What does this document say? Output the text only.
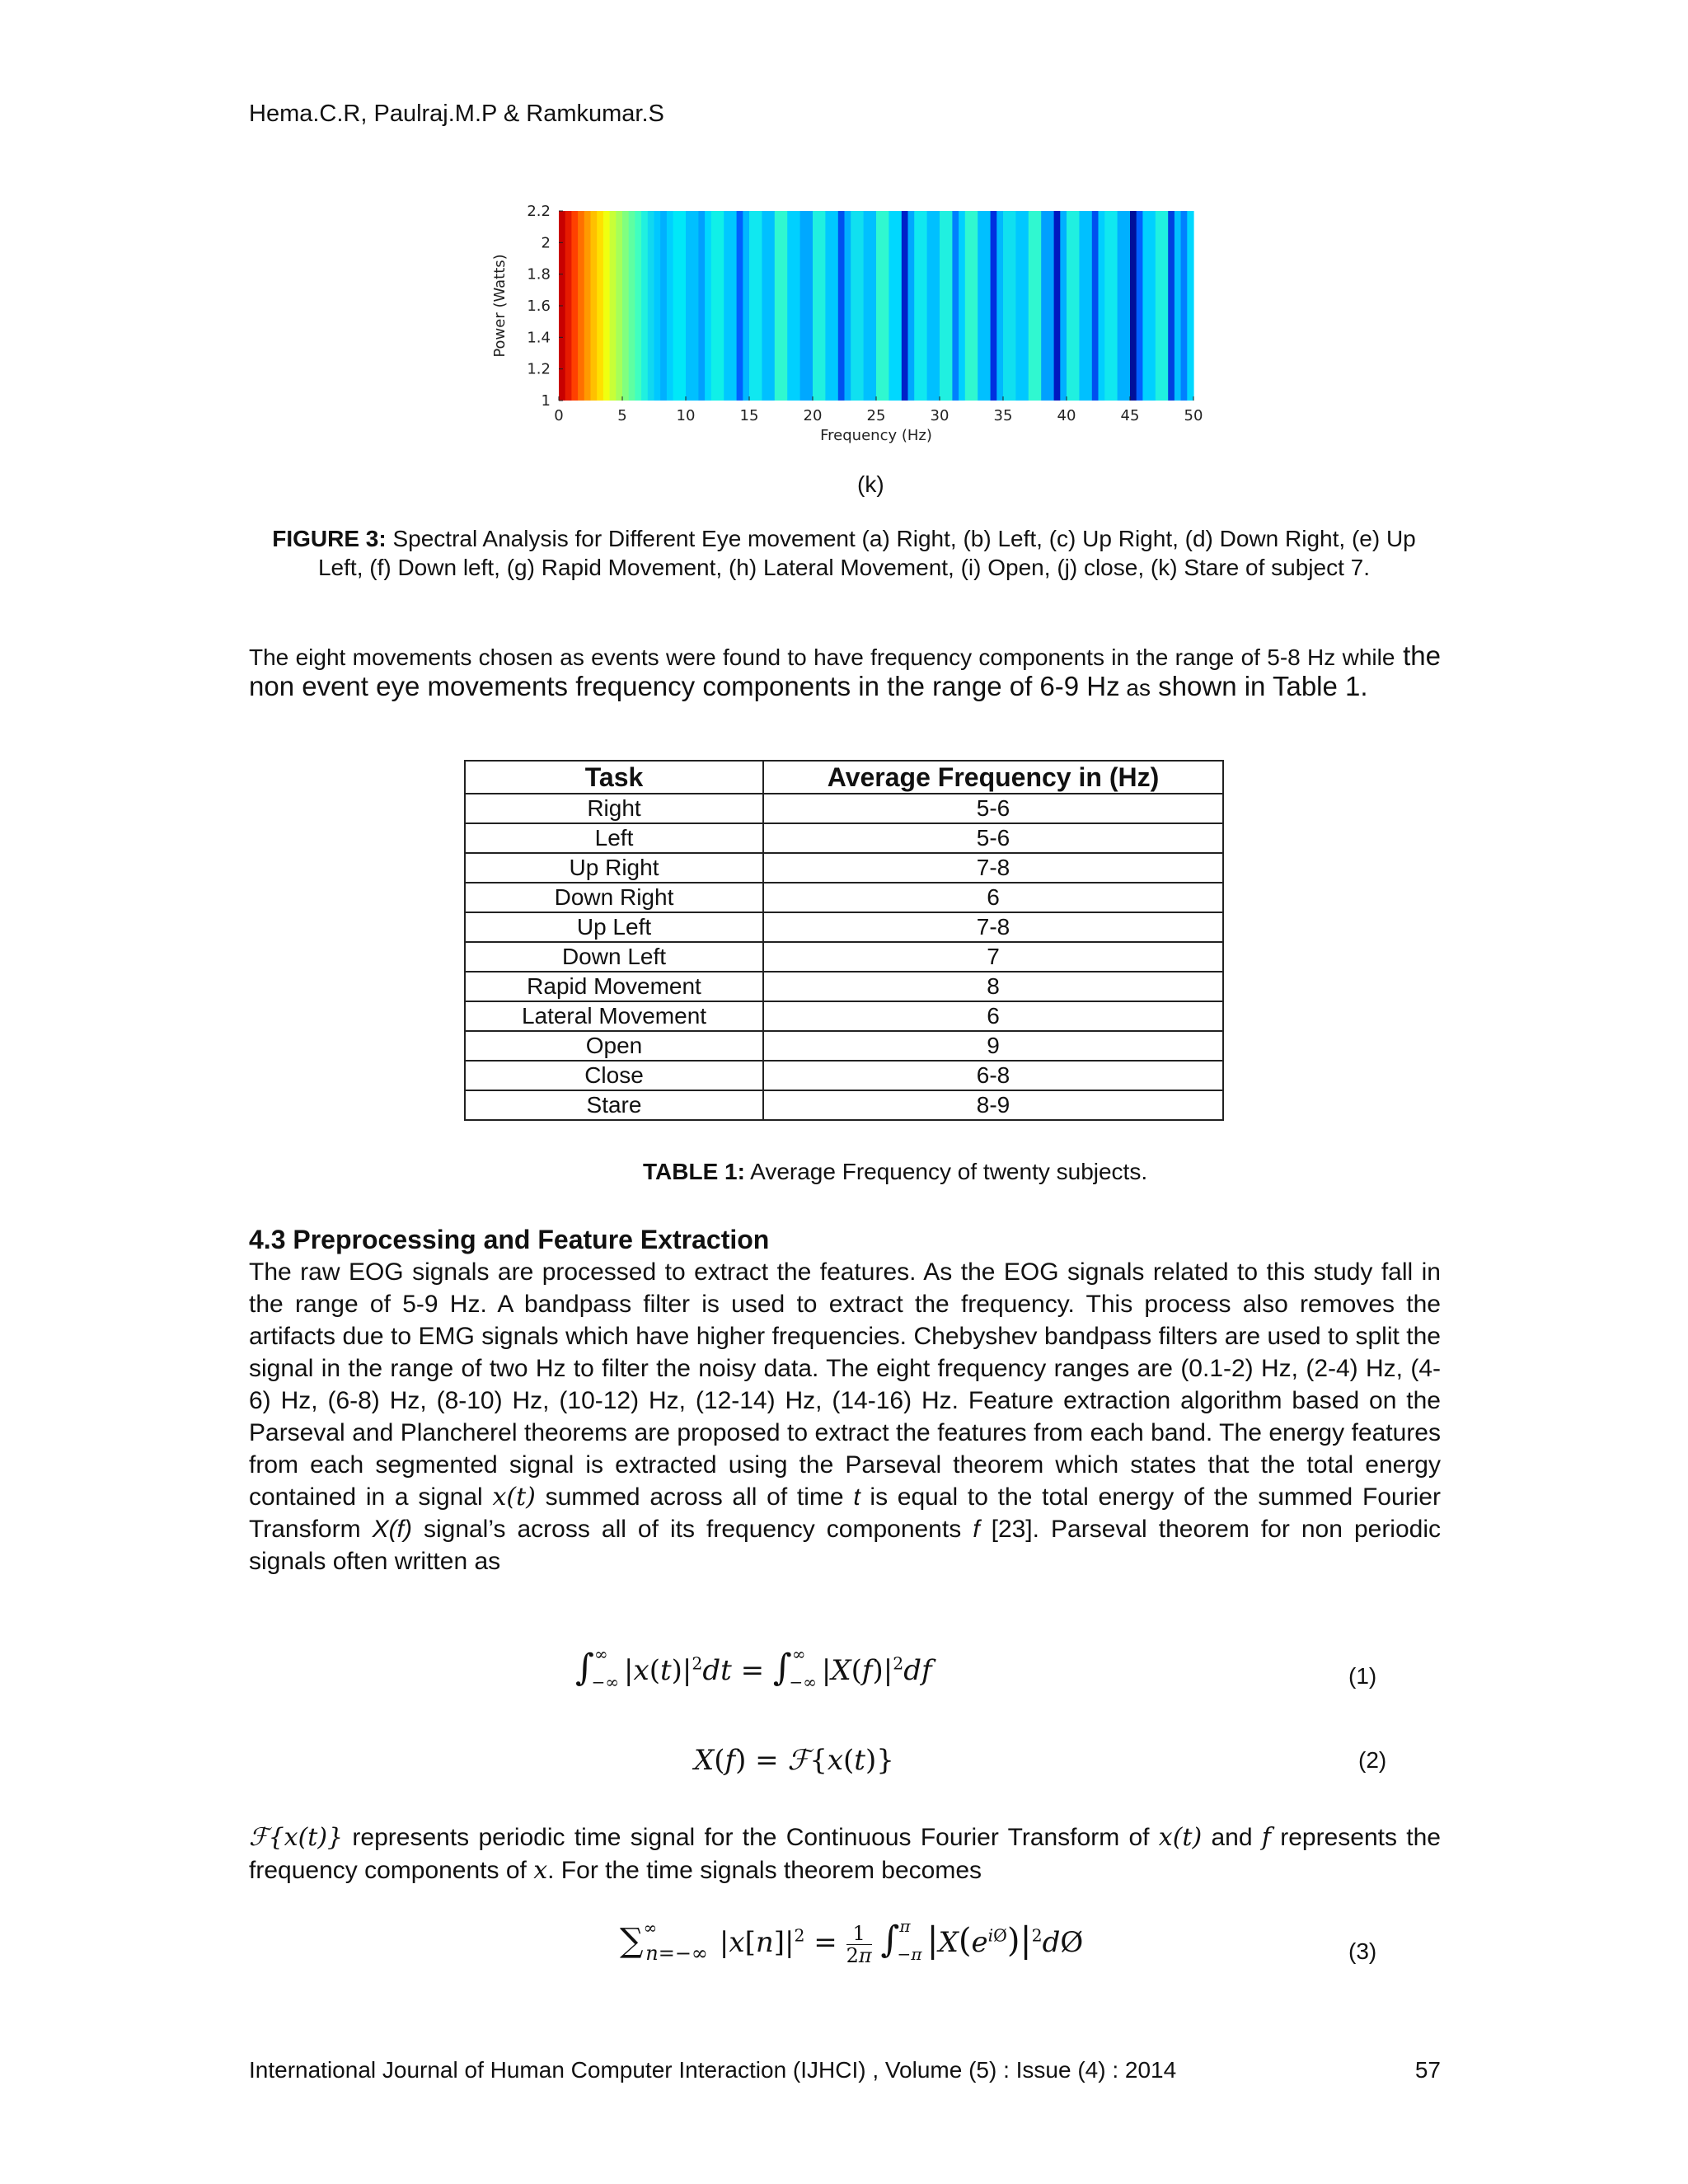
Hema.C.R, Paulraj.M.P & Ramkumar.S
0	5	10	15	20	25	30	35	40	45	50
1
1.2
1.4
1.6
1.8
2
2.2
Frequency (Hz)
Power (Watts)
(k)
FIGURE 3: Spectral Analysis for Different Eye movement (a) Right, (b) Left, (c) Up Right, (d) Down Right, (e) Up Left, (f) Down left, (g) Rapid Movement, (h) Lateral Movement, (i) Open, (j) close, (k) Stare of subject 7.
The eight movements chosen as events were found to have frequency components in the range of 5-8 Hz while the non event eye movements frequency components in the range of 6-9 Hz as shown in Table 1.
Task	Average Frequency in (Hz)
Right	5-6
Left	5-6
Up Right	7-8
Down Right	6
Up Left	7-8
Down Left	7
Rapid Movement	8
Lateral Movement	6
Open	9
Close	6-8
Stare	8-9
TABLE 1: Average Frequency of twenty subjects.
4.3 Preprocessing and Feature Extraction
The raw EOG signals are processed to extract the features. As the EOG signals related to this study fall in the range of 5-9 Hz. A bandpass filter is used to extract the frequency. This process also removes the artifacts due to EMG signals which have higher frequencies. Chebyshev bandpass filters are used to split the signal in the range of two Hz to filter the noisy data. The eight frequency ranges are (0.1-2) Hz, (2-4) Hz, (4-6) Hz, (6-8) Hz, (8-10) Hz, (10-12) Hz, (12-14) Hz, (14-16) Hz. Feature extraction algorithm based on the Parseval and Plancherel theorems are proposed to extract the features from each band. The energy features from each segmented signal is extracted using the Parseval theorem which states that the total energy contained in a signal x(t) summed across all of time t is equal to the total energy of the summed Fourier Transform X(f) signal’s across all of its frequency components f [23]. Parseval theorem for non periodic signals often written as
$\int^\infty_{-\infty}$ $|x(t)|^2dt = \int^\infty_{-\infty}$ $|X(f)|^2df$	(1)
X(f) = ℱ{x(t)}	(2)
ℱ{x(t)} represents periodic time signal for the Continuous Fourier Transform of x(t) and f represents the frequency components of x. For the time signals theorem becomes
$\sum^\infty_{n=-\infty}$ $|x[n]|^2 = \frac{1}{2\pi} \int^\pi_{-\pi}$ $|X(e^{iØ})|^2dØ$	(3)
International Journal of Human Computer Interaction (IJHCI) , Volume (5) : Issue (4) : 2014	57
